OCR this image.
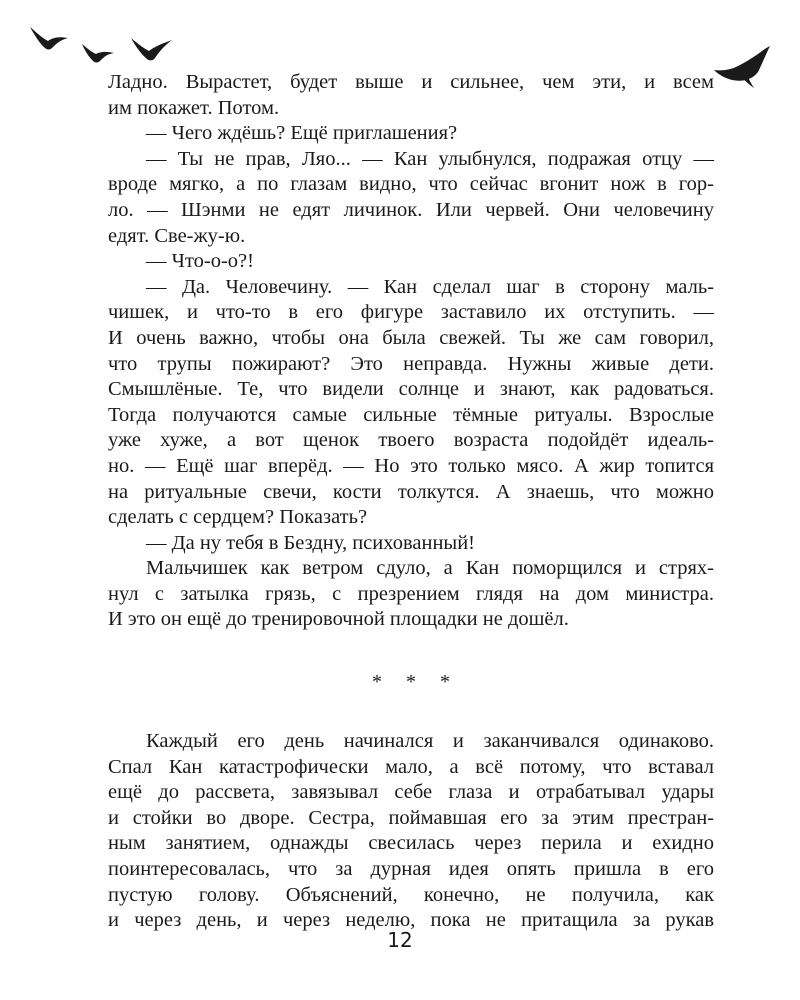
Ладно. Вырастет, будет выше и сильнее, чем эти, и всем
им покажет. Потом.
— Чего ждёшь? Ещё приглашения?
— Ты не прав, Ляо... — Кан улыбнулся, подражая отцу —
вроде мягко, а по глазам видно, что сейчас вгонит нож в гор-
ло. — Шэнми не едят личинок. Или червей. Они человечину
едят. Све-жу-ю.
— Что-о-о?!
— Да. Человечину. — Кан сделал шаг в сторону маль-
чишек, и что-то в его фигуре заставило их отступить. —
И очень важно, чтобы она была свежей. Ты же сам говорил,
что трупы пожирают? Это неправда. Нужны живые дети.
Смышлёные. Те, что видели солнце и знают, как радоваться.
Тогда получаются самые сильные тёмные ритуалы. Взрослые
уже хуже, а вот щенок твоего возраста подойдёт идеаль-
но. — Ещё шаг вперёд. — Но это только мясо. А жир топится
на ритуальные свечи, кости толкутся. А знаешь, что можно
сделать с сердцем? Показать?
— Да ну тебя в Бездну, психованный!
Мальчишек как ветром сдуло, а Кан поморщился и стрях-
нул с затылка грязь, с презрением глядя на дом министра.
И это он ещё до тренировочной площадки не дошёл.
* * *
Каждый его день начинался и заканчивался одинаково.
Спал Кан катастрофически мало, а всё потому, что вставал
ещё до рассвета, завязывал себе глаза и отрабатывал удары
и стойки во дворе. Сестра, поймавшая его за этим престран-
ным занятием, однажды свесилась через перила и ехидно
поинтересовалась, что за дурная идея опять пришла в его
пустую голову. Объяснений, конечно, не получила, как
и через день, и через неделю, пока не притащила за рукав
12
